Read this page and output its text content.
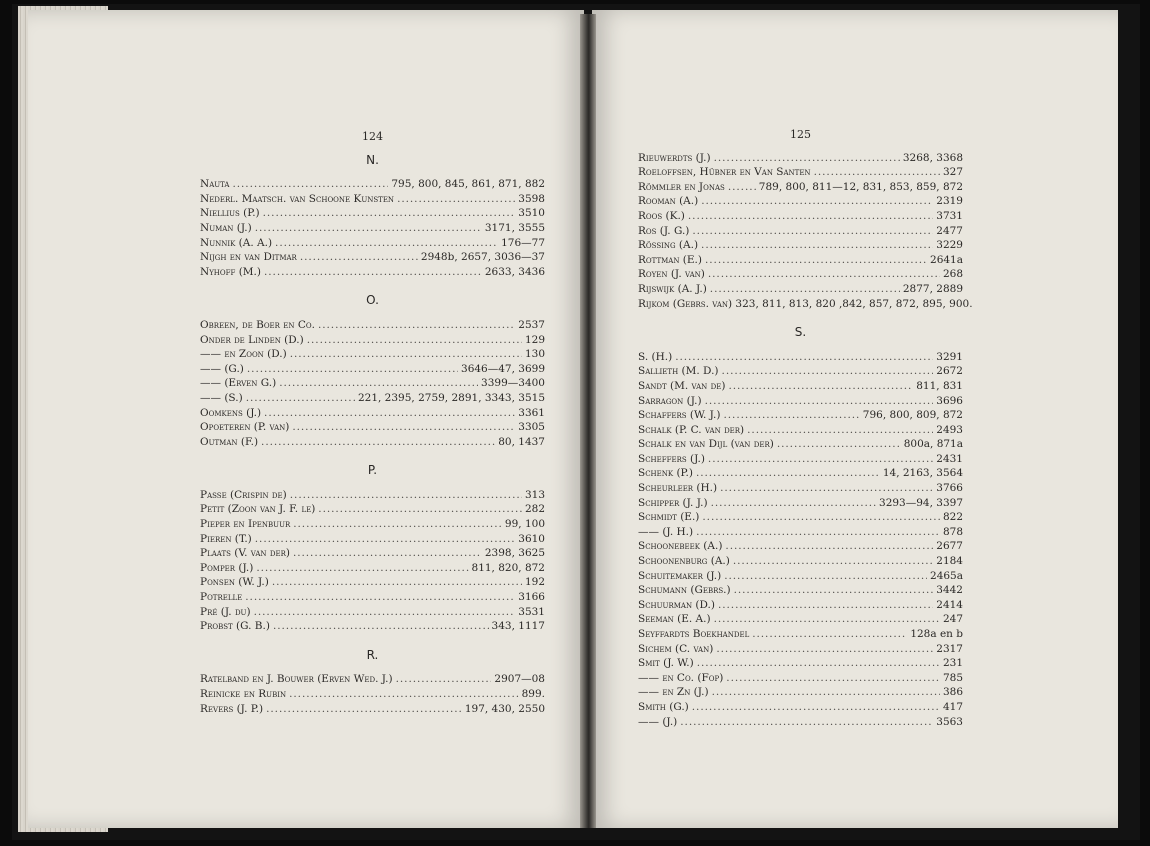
124
N.
Nauta . . .	795, 800, 845, 861, 871, 882
Nederl. Maatsch. van Schoone Kunsten . . .	3598
Niellius (P.) . . .	3510
Numan (J.) . . .	3171, 3555
Nunnik (A. A.) . . .	176—77
Nijgh en van Ditmar . . .	2948b, 2657, 3036—37
Nyhoff (M.) . . .	2633, 3436
O.
Obreen, de Boer en Co. . . .	2537
Onder de Linden (D.) . . .	129
—— en Zoon (D.) . . .	130
—— (G.) . . .	3646—47, 3699
—— (Erven G.) . . .	3399—3400
—— (S.) . . .	221, 2395, 2759, 2891, 3343, 3515
Oomkens (J.) . . .	3361
Opoeteren (P. van) . . .	3305
Outman (F.) . . .	80, 1437
P.
Passe (Crispin de) . . .	313
Petit (Zoon van J. F. le) . . .	282
Pieper en Ipenbuur . . .	99, 100
Pieren (T.) . . .	3610
Plaats (V. van der) . . .	2398, 3625
Pomper (J.) . . .	811, 820, 872
Ponsen (W. J.) . . .	192
Potrelle . . .	3166
Pré (J. du) . . .	3531
Probst (G. B.) . . .	343, 1117
R.
Ratelband en J. Bouwer (Erven Wed. J.) . . .	2907—08
Reinicke en Rubin . . .	899.
Revers (J. P.) . . .	197, 430, 2550
125
Rieuwerdts (J.) . . .	3268, 3368
Roeloffsen, Hübner en Van Santen . . .	327
Römmler en Jonas . . .	789, 800, 811—12, 831, 853, 859, 872
Rooman (A.) . . .	2319
Roos (K.) . . .	3731
Ros (J. G.) . . .	2477
Rössing (A.) . . .	3229
Rottman (E.) . . .	2641a
Royen (J. van) . . .	268
Rijswijk (A. J.) . . .	2877, 2889
Rijkom (Gebrs. van) 323, 811, 813, 820 ,842, 857, 872, 895, 900.
S.
S. (H.) . . .	3291
Sallieth (M. D.) . . .	2672
Sandt (M. van de) . . .	811, 831
Sarragon (J.) . . .	3696
Schaffers (W. J.) . . .	796, 800, 809, 872
Schalk (P. C. van der) . . .	2493
Schalk en van Dijl (van der) . . .	800a, 871a
Scheffers (J.) . . .	2431
Schenk (P.) . . .	14, 2163, 3564
Scheurleer (H.) . . .	3766
Schipper (J. J.) . . .	3293—94, 3397
Schmidt (E.) . . .	822
—— (J. H.) . . .	878
Schoonebeek (A.) . . .	2677
Schoonenburg (A.) . . .	2184
Schuitemaker (J.) . . .	2465a
Schumann (Gebrs.) . . .	3442
Schuurman (D.) . . .	2414
Seeman (E. A.) . . .	247
Seyffardts Boekhandel . . .	128a en b
Sichem (C. van) . . .	2317
Smit (J. W.) . . .	231
—— en Co. (Fop) . . .	785
—— en Zn (J.) . . .	386
Smith (G.) . . .	417
—— (J.) . . .	3563
